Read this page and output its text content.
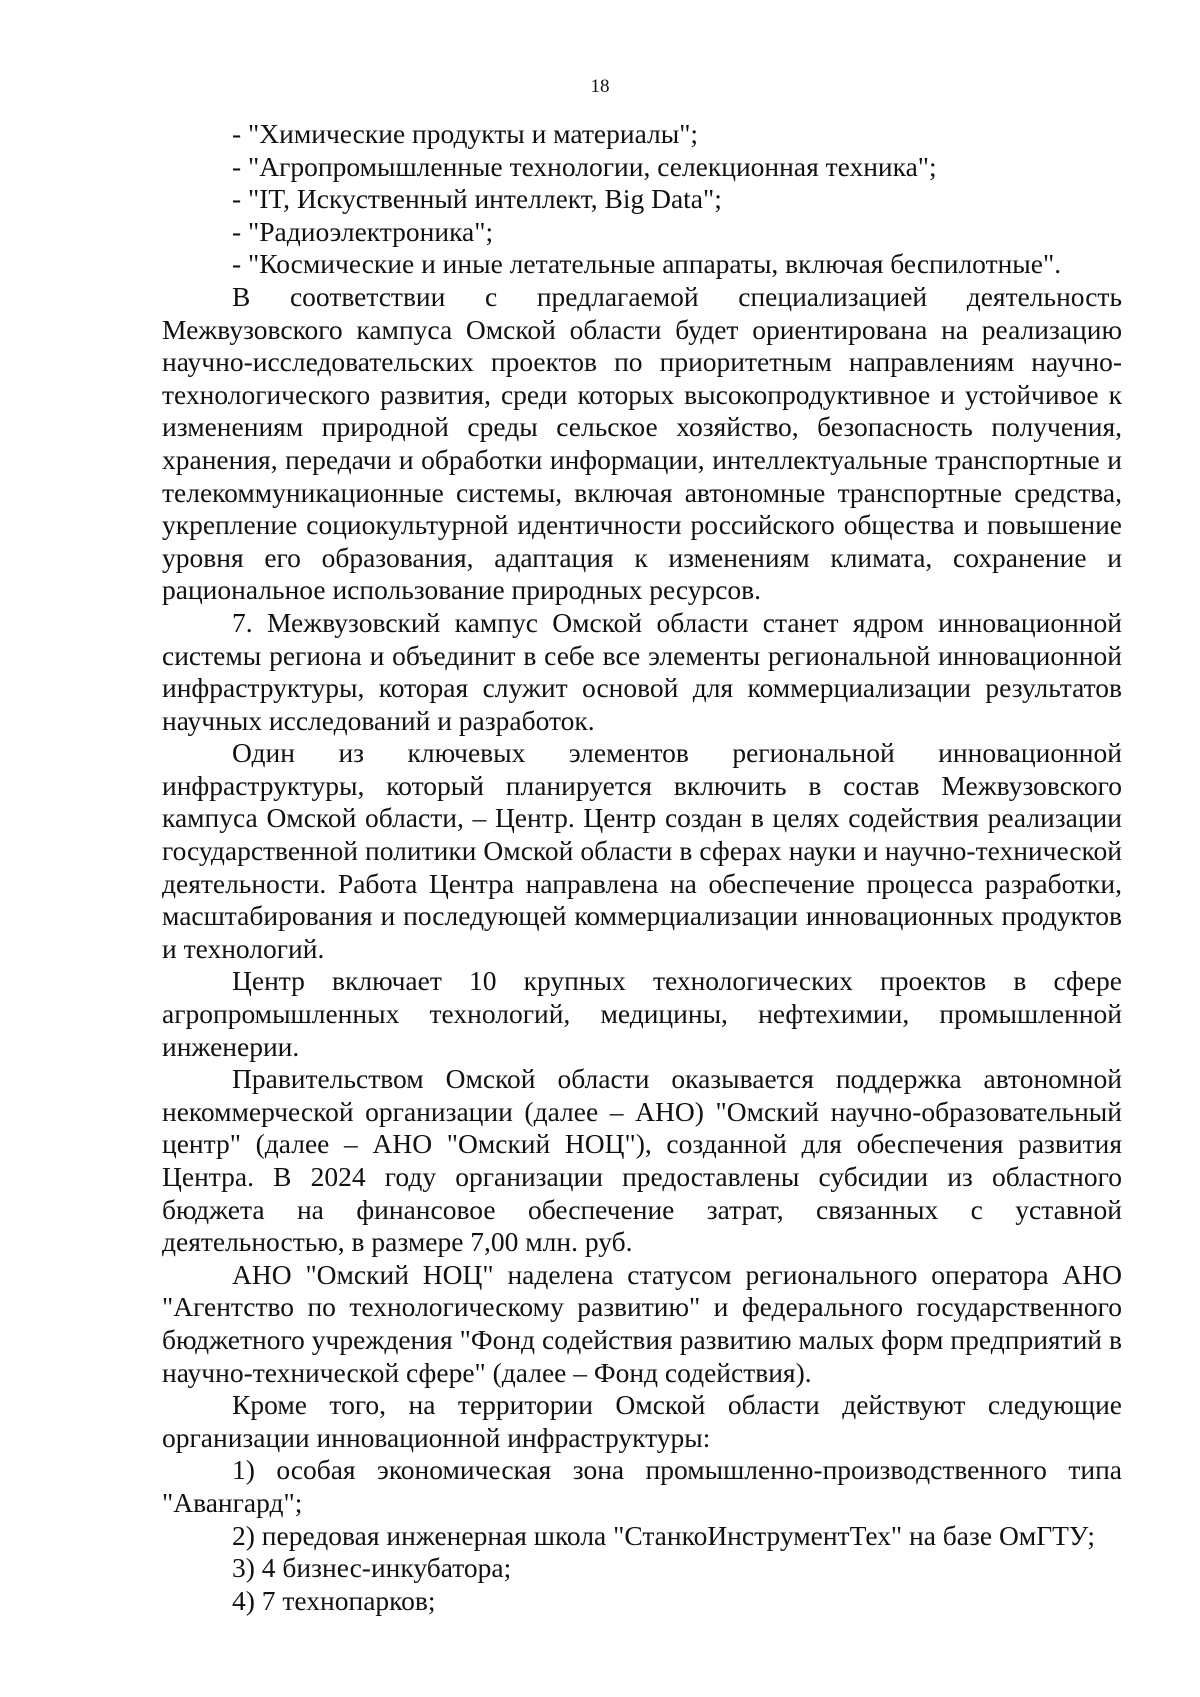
18

- "Химические продукты и материалы";

- "Агропромышленные технологии, селекционная техника";

- "IT, Искуственный интеллект, Big Data";

- "Радиоэлектроника";

- "Космические и иные летательные аппараты, включая беспилотные".

В соответствии с предлагаемой специализацией деятельность Межвузовского кампуса Омской области будет ориентирована на реализацию научно-исследовательских проектов по приоритетным направлениям научно-технологического развития, среди которых высокопродуктивное и устойчивое к изменениям природной среды сельское хозяйство, безопасность получения, хранения, передачи и обработки информации, интеллектуальные транспортные и телекоммуникационные системы, включая автономные транспортные средства, укрепление социокультурной идентичности российского общества и повышение уровня его образования, адаптация к изменениям климата, сохранение и рациональное использование природных ресурсов.

7. Межвузовский кампус Омской области станет ядром инновационной системы региона и объединит в себе все элементы региональной инновационной инфраструктуры, которая служит основой для коммерциализации результатов научных исследований и разработок.

Один из ключевых элементов региональной инновационной инфраструктуры, который планируется включить в состав Межвузовского кампуса Омской области, – Центр. Центр создан в целях содействия реализации государственной политики Омской области в сферах науки и научно-технической деятельности. Работа Центра направлена на обеспечение процесса разработки, масштабирования и последующей коммерциализации инновационных продуктов и технологий.

Центр включает 10 крупных технологических проектов в сфере агропромышленных технологий, медицины, нефтехимии, промышленной инженерии.

Правительством Омской области оказывается поддержка автономной некоммерческой организации (далее – АНО) "Омский научно-образовательный центр" (далее – АНО "Омский НОЦ"), созданной для обеспечения развития Центра. В 2024 году организации предоставлены субсидии из областного бюджета на финансовое обеспечение затрат, связанных с уставной деятельностью, в размере 7,00 млн. руб.

АНО "Омский НОЦ" наделена статусом регионального оператора АНО "Агентство по технологическому развитию" и федерального государственного бюджетного учреждения "Фонд содействия развитию малых форм предприятий в научно-технической сфере" (далее – Фонд содействия).

Кроме того, на территории Омской области действуют следующие организации инновационной инфраструктуры:

1) особая экономическая зона промышленно-производственного типа "Авангард";

2) передовая инженерная школа "СтанкоИнструментТех" на базе ОмГТУ;

3) 4 бизнес-инкубатора;

4) 7 технопарков;
